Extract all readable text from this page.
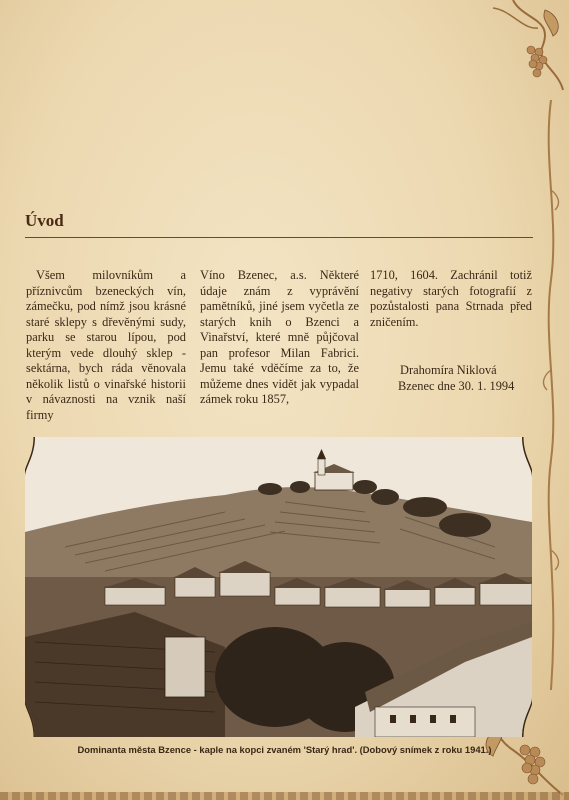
Úvod

Všem milovníkům a příznivcům bzeneckých vín, zámečku, pod nímž jsou krásné staré sklepy s dřevěnými sudy, parku se starou lípou, pod kterým vede dlouhý sklep - sektárna, bych ráda věnovala několik listů o vinařské historii v návaznosti na vznik naší firmy

Víno Bzenec, a.s. Některé údaje znám z vyprávění pamětníků, jiné jsem vyčetla ze starých knih o Bzenci a Vinařství, které mně půjčoval pan profesor Milan Fabrici. Jemu také vděčíme za to, že můžeme dnes vidět jak vypadal zámek roku 1857,

1710, 1604. Zachránil totiž negativy starých fotografií z pozůstalosti pana Strnada před zničením.

Drahomíra Niklová
Bzenec dne 30. 1. 1994

Dominanta města Bzence - kaple na kopci zvaném 'Starý hrad'. (Dobový snímek z roku 1941.)
